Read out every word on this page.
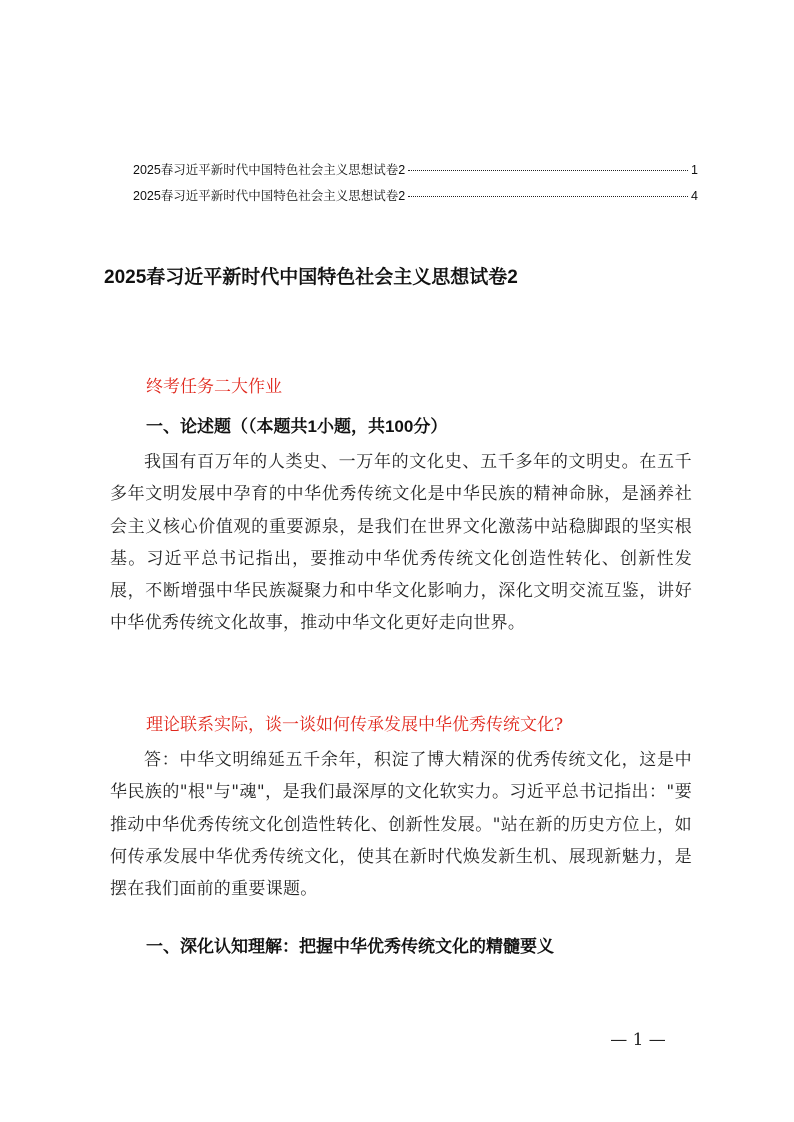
2025春习近平新时代中国特色社会主义思想试卷2	1
2025春习近平新时代中国特色社会主义思想试卷2	4
2025春习近平新时代中国特色社会主义思想试卷2

终考任务二大作业

一、论述题（（本题共1小题，共100分）

我国有百万年的人类史、一万年的文化史、五千多年的文明史。在五千多年文明发展中孕育的中华优秀传统文化是中华民族的精神命脉，是涵养社会主义核心价值观的重要源泉，是我们在世界文化激荡中站稳脚跟的坚实根基。习近平总书记指出，要推动中华优秀传统文化创造性转化、创新性发展，不断增强中华民族凝聚力和中华文化影响力，深化文明交流互鉴，讲好中华优秀传统文化故事，推动中华文化更好走向世界。

理论联系实际，谈一谈如何传承发展中华优秀传统文化?

答：中华文明绵延五千余年，积淀了博大精深的优秀传统文化，这是中华民族的"根"与"魂"，是我们最深厚的文化软实力。习近平总书记指出："要推动中华优秀传统文化创造性转化、创新性发展。"站在新的历史方位上，如何传承发展中华优秀传统文化，使其在新时代焕发新生机、展现新魅力，是摆在我们面前的重要课题。

一、深化认知理解：把握中华优秀传统文化的精髓要义

— 1 —
